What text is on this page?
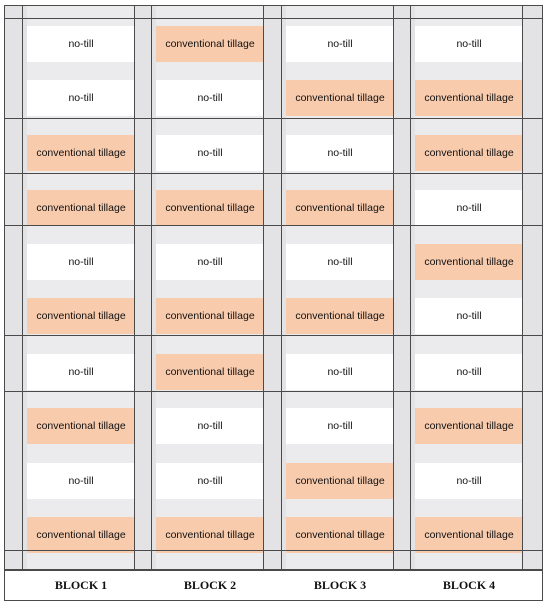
no-till	conventional tillage	no-till	no-till
no-till	no-till	conventional tillage	conventional tillage
conventional tillage	no-till	no-till	conventional tillage
conventional tillage	conventional tillage	conventional tillage	no-till
no-till	no-till	no-till	conventional tillage
conventional tillage	conventional tillage	conventional tillage	no-till
no-till	conventional tillage	no-till	no-till
conventional tillage	no-till	no-till	conventional tillage
no-till	no-till	conventional tillage	no-till
conventional tillage	conventional tillage	conventional tillage	conventional tillage
BLOCK 1	BLOCK 2	BLOCK 3	BLOCK 4
